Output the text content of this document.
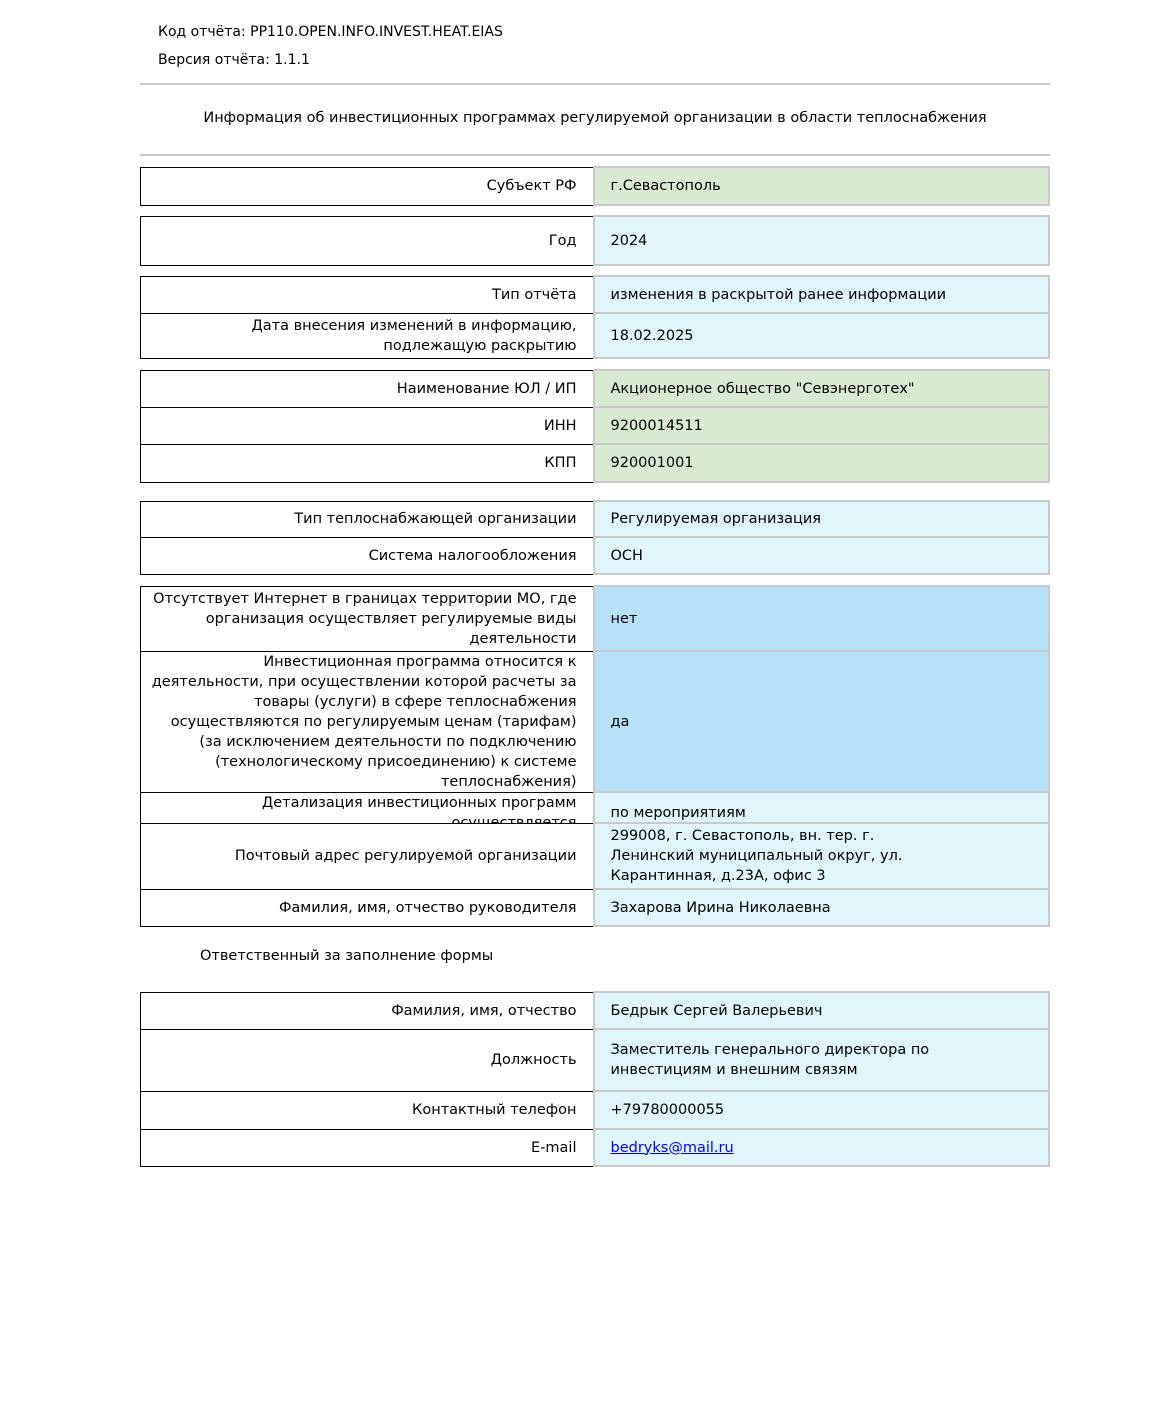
Код отчёта: PP110.OPEN.INFO.INVEST.HEAT.EIAS
Версия отчёта: 1.1.1
Информация об инвестиционных программах регулируемой организации в области теплоснабжения
Субъект РФ	г.Севастополь
Год	2024
Тип отчёта	изменения в раскрытой ранее информации
Дата внесения изменений в информацию, подлежащую раскрытию	18.02.2025
Наименование ЮЛ / ИП	Акционерное общество "Севэнерготех"
ИНН	9200014511
КПП	920001001
Тип теплоснабжающей организации	Регулируемая организация
Система налогообложения	ОСН
Отсутствует Интернет в границах территории МО, где организация осуществляет регулируемые виды деятельности	нет
Инвестиционная программа относится к деятельности, при осуществлении которой расчеты за товары (услуги) в сфере теплоснабжения осуществляются по регулируемым ценам (тарифам) (за исключением деятельности по подключению (технологическому присоединению) к системе теплоснабжения)	да
Детализация инвестиционных программ	по мероприятиям
Почтовый адрес регулируемой организации	299008, г. Севастополь, вн. тер. г. Ленинский муниципальный округ, ул. Карантинная, д.23А, офис 3
Фамилия, имя, отчество руководителя	Захарова Ирина Николаевна
Ответственный за заполнение формы
Фамилия, имя, отчество	Бедрык Сергей Валерьевич
Должность	Заместитель генерального директора по инвестициям и внешним связям
Контактный телефон	+79780000055
E-mail	bedryks@mail.ru
